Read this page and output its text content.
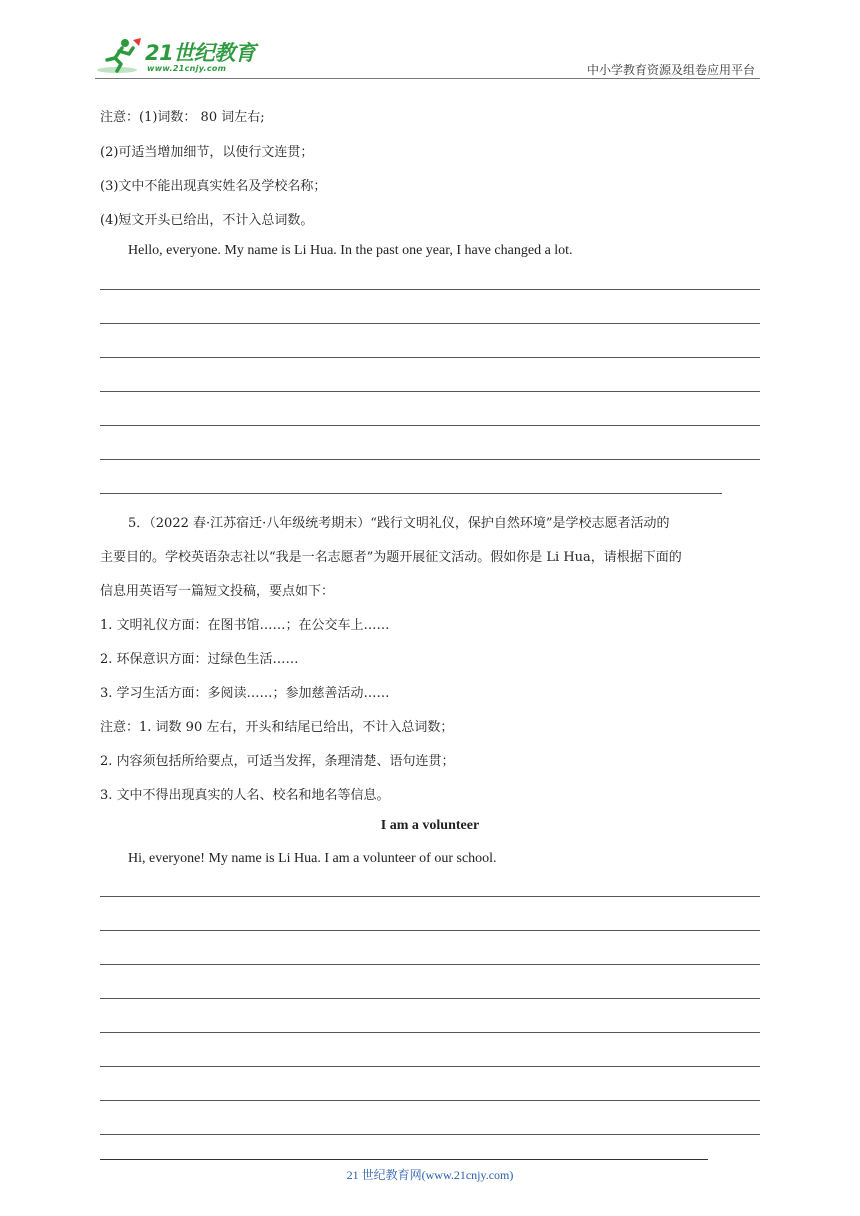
21世纪教育
www.21cnjy.com	中小学教育资源及组卷应用平台
注意：(1)词数： 80 词左右;
(2)可适当增加细节，以使行文连贯；
(3)文中不能出现真实姓名及学校名称；
(4)短文开头已给出，不计入总词数。
Hello, everyone. My name is Li Hua. In the past one year, I have changed a lot.
5．（2022 春·江苏宿迁·八年级统考期末）“践行文明礼仪，保护自然环境”是学校志愿者活动的
主要目的。学校英语杂志社以“我是一名志愿者”为题开展征文活动。假如你是 Li Hua，请根据下面的
信息用英语写一篇短文投稿，要点如下：
1. 文明礼仪方面：在图书馆……；在公交车上……
2. 环保意识方面：过绿色生活……
3. 学习生活方面：多阅读……；参加慈善活动……
注意：1. 词数 90 左右，开头和结尾已给出，不计入总词数；
2. 内容须包括所给要点，可适当发挥，条理清楚、语句连贯；
3. 文中不得出现真实的人名、校名和地名等信息。
I am a volunteer
Hi, everyone! My name is Li Hua. I am a volunteer of our school.
21 世纪教育网(www.21cnjy.com)
